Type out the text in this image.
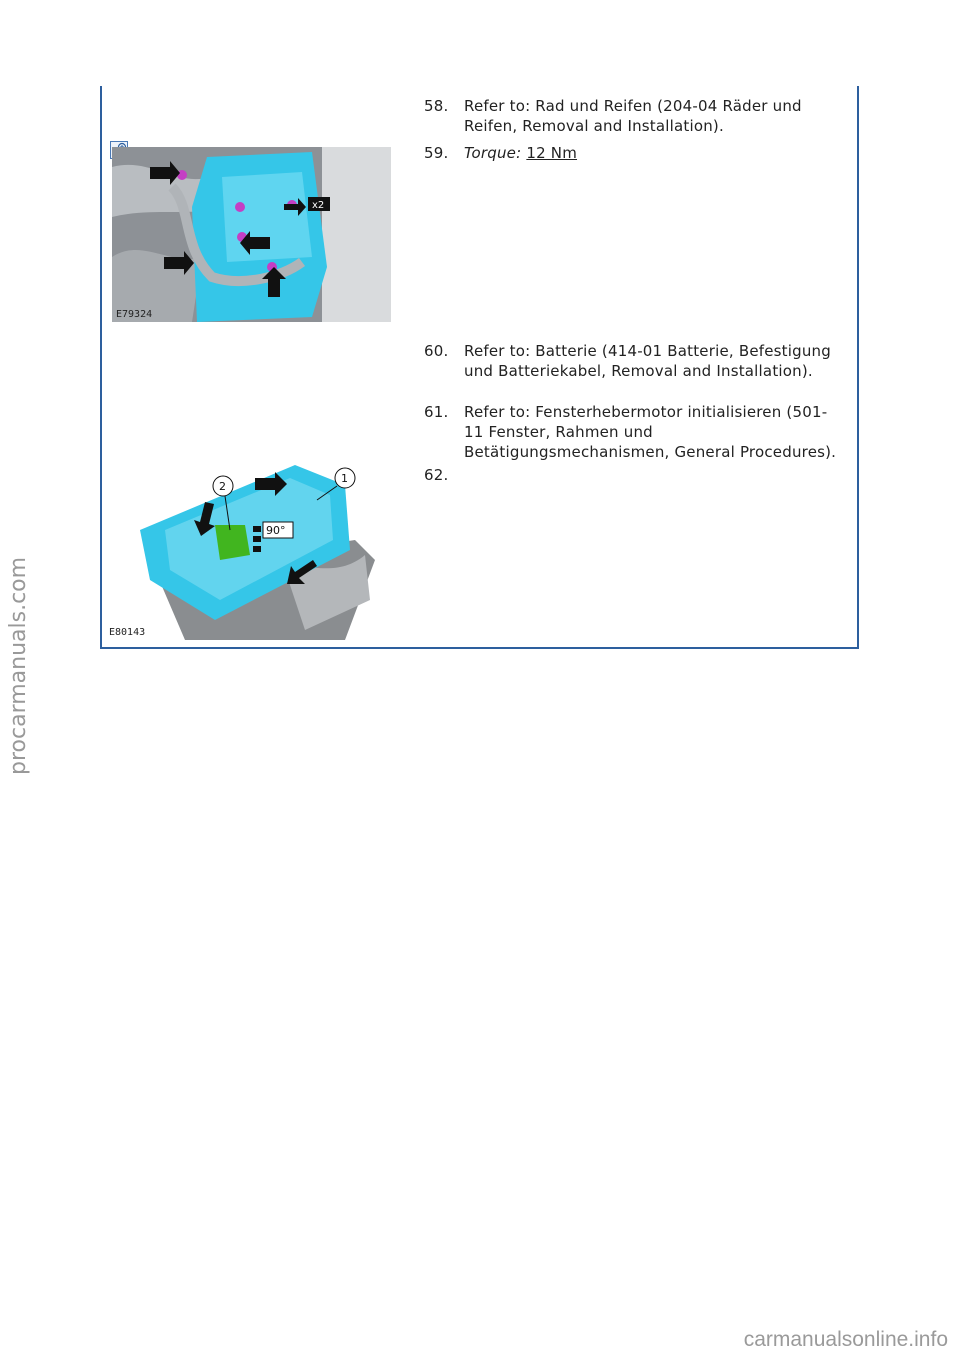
58. Refer to: Rad und Reifen (204-04 Räder und Reifen, Removal and Installation).
x2
E79324
59. Torque: 12 Nm
60. Refer to: Batterie (414-01 Batterie, Befestigung und Batteriekabel, Removal and Installation).
61. Refer to: Fensterhebermotor initialisieren (501-11 Fenster, Rahmen und Betätigungsmechanismen, General Procedures).
62.
90°
2
1
E80143
procarmanuals.com
carmanualsonline.info
